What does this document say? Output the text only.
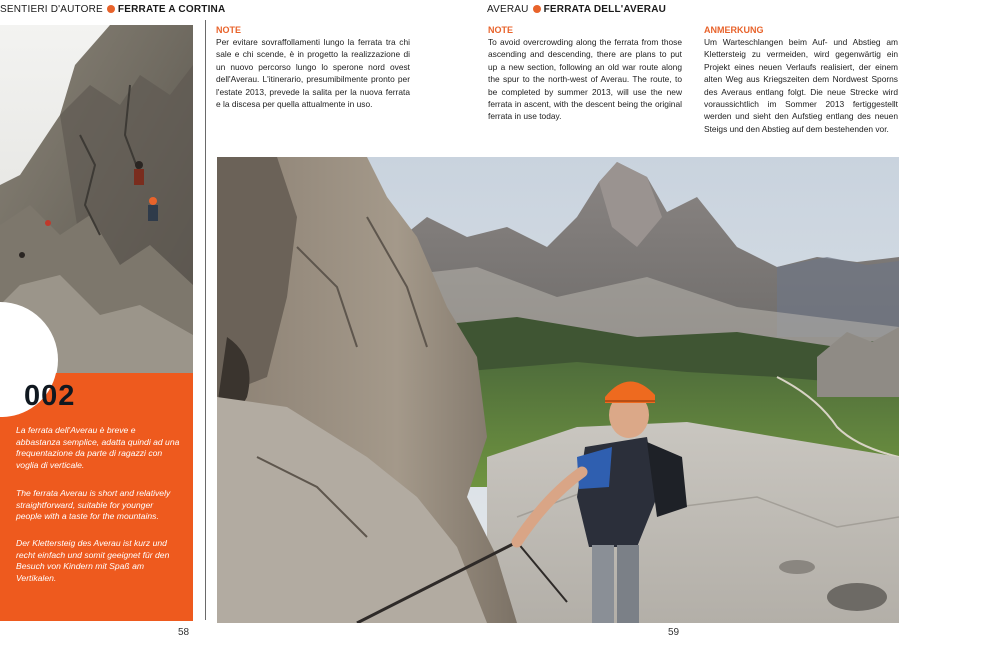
SENTIERI D'AUTORE FERRATE A CORTINA	AVERAU FERRATA DELL'AVERAU
NOTE

Per evitare sovraffollamenti lungo la ferrata tra chi sale e chi scende, è in progetto la realizzazione di un nuovo percorso lungo lo sperone nord ovest dell'Averau. L'itinerario, presumibilmente pronto per l'estate 2013, prevede la salita per la nuova ferrata e la discesa per quella attualmente in uso.

NOTE

To avoid overcrowding along the ferrata from those ascending and descending, there are plans to put up a new section, following an old war route along the spur to the north-west of Averau. The route, to be completed by summer 2013, will use the new ferrata in ascent, with the descent being the original ferrata in use today.

ANMERKUNG

Um Warteschlangen beim Auf- und Abstieg am Klettersteig zu vermeiden, wird gegenwärtig ein Projekt eines neuen Verlaufs realisiert, der einem alten Weg aus Kriegszeiten dem Nordwest Sporns des Averaus entlang folgt. Die neue Strecke wird voraussichtlich im Sommer 2013 fertiggestellt werden und sieht den Aufstieg entlang des neuen Steigs und den Abstieg auf dem bestehenden vor.

002
La ferrata dell'Averau è breve e abbastanza semplice, adatta quindi ad una frequentazione da parte di ragazzi con voglia di verticale.
The ferrata Averau is short and relatively straightforward, suitable for younger people with a taste for the mountains.
Der Klettersteig des Averau ist kurz und recht einfach und somit geeignet für den Besuch von Kindern mit Spaß am Vertikalen.
58	59
